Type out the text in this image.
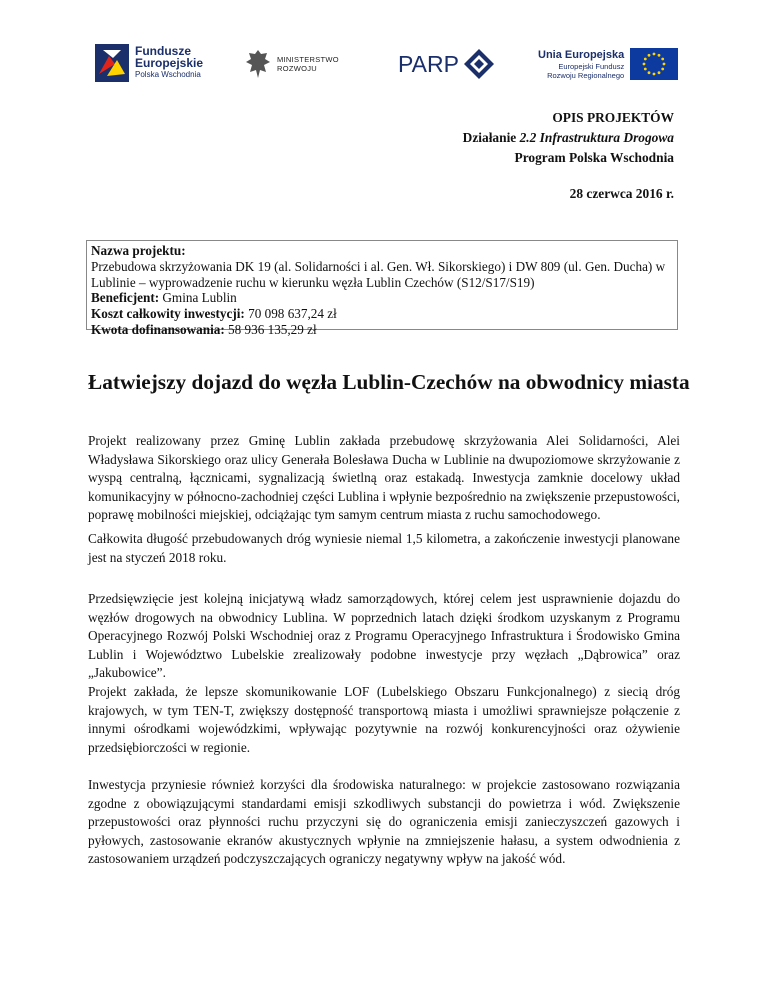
Fundusze
Europejskie
Polska Wschodnia
MINISTERSTWO
ROZWOJU	PARP	Unia Europejska
Europejski Fundusz
Rozwoju Regionalnego
OPIS PROJEKTÓW
Działanie 2.2 Infrastruktura Drogowa
Program Polska Wschodnia
28 czerwca 2016 r.
Nazwa projektu:
Przebudowa skrzyżowania DK 19 (al. Solidarności i al. Gen. Wł. Sikorskiego) i DW 809 (ul. Gen. Ducha) w Lublinie – wyprowadzenie ruchu w kierunku węzła Lublin Czechów (S12/S17/S19)
Beneficjent: Gmina Lublin
Koszt całkowity inwestycji: 70 098 637,24 zł
Kwota dofinansowania: 58 936 135,29 zł
Łatwiejszy dojazd do węzła Lublin-Czechów na obwodnicy miasta

Projekt realizowany przez Gminę Lublin zakłada przebudowę skrzyżowania Alei Solidarności, Alei Władysława Sikorskiego oraz ulicy Generała Bolesława Ducha w Lublinie na dwupoziomowe skrzyżowanie z wyspą centralną, łącznicami, sygnalizacją świetlną oraz estakadą. Inwestycja zamknie docelowy układ komunikacyjny w północno-zachodniej części Lublina i wpłynie bezpośrednio na zwiększenie przepustowości, poprawę mobilności miejskiej, odciążając tym samym centrum miasta z ruchu samochodowego.

Całkowita długość przebudowanych dróg wyniesie niemal 1,5 kilometra, a zakończenie inwestycji planowane jest na styczeń 2018 roku.

Przedsięwzięcie jest kolejną inicjatywą władz samorządowych, której celem jest usprawnienie dojazdu do węzłów drogowych na obwodnicy Lublina. W poprzednich latach dzięki środkom uzyskanym z Programu Operacyjnego Rozwój Polski Wschodniej oraz z Programu Operacyjnego Infrastruktura i Środowisko Gmina Lublin i Województwo Lubelskie zrealizowały podobne inwestycje przy węzłach „Dąbrowica” oraz „Jakubowice”.

Projekt zakłada, że lepsze skomunikowanie LOF (Lubelskiego Obszaru Funkcjonalnego) z siecią dróg krajowych, w tym TEN-T, zwiększy dostępność transportową miasta i umożliwi sprawniejsze połączenie z innymi ośrodkami wojewódzkimi, wpływając pozytywnie na rozwój konkurencyjności oraz ożywienie przedsiębiorczości w regionie.

Inwestycja przyniesie również korzyści dla środowiska naturalnego: w projekcie zastosowano rozwiązania zgodne z obowiązującymi standardami emisji szkodliwych substancji do powietrza i wód. Zwiększenie przepustowości oraz płynności ruchu przyczyni się do ograniczenia emisji zanieczyszczeń gazowych i pyłowych, zastosowanie ekranów akustycznych wpłynie na zmniejszenie hałasu, a system odwodnienia z zastosowaniem urządzeń podczyszczających ograniczy negatywny wpływ na jakość wód.
